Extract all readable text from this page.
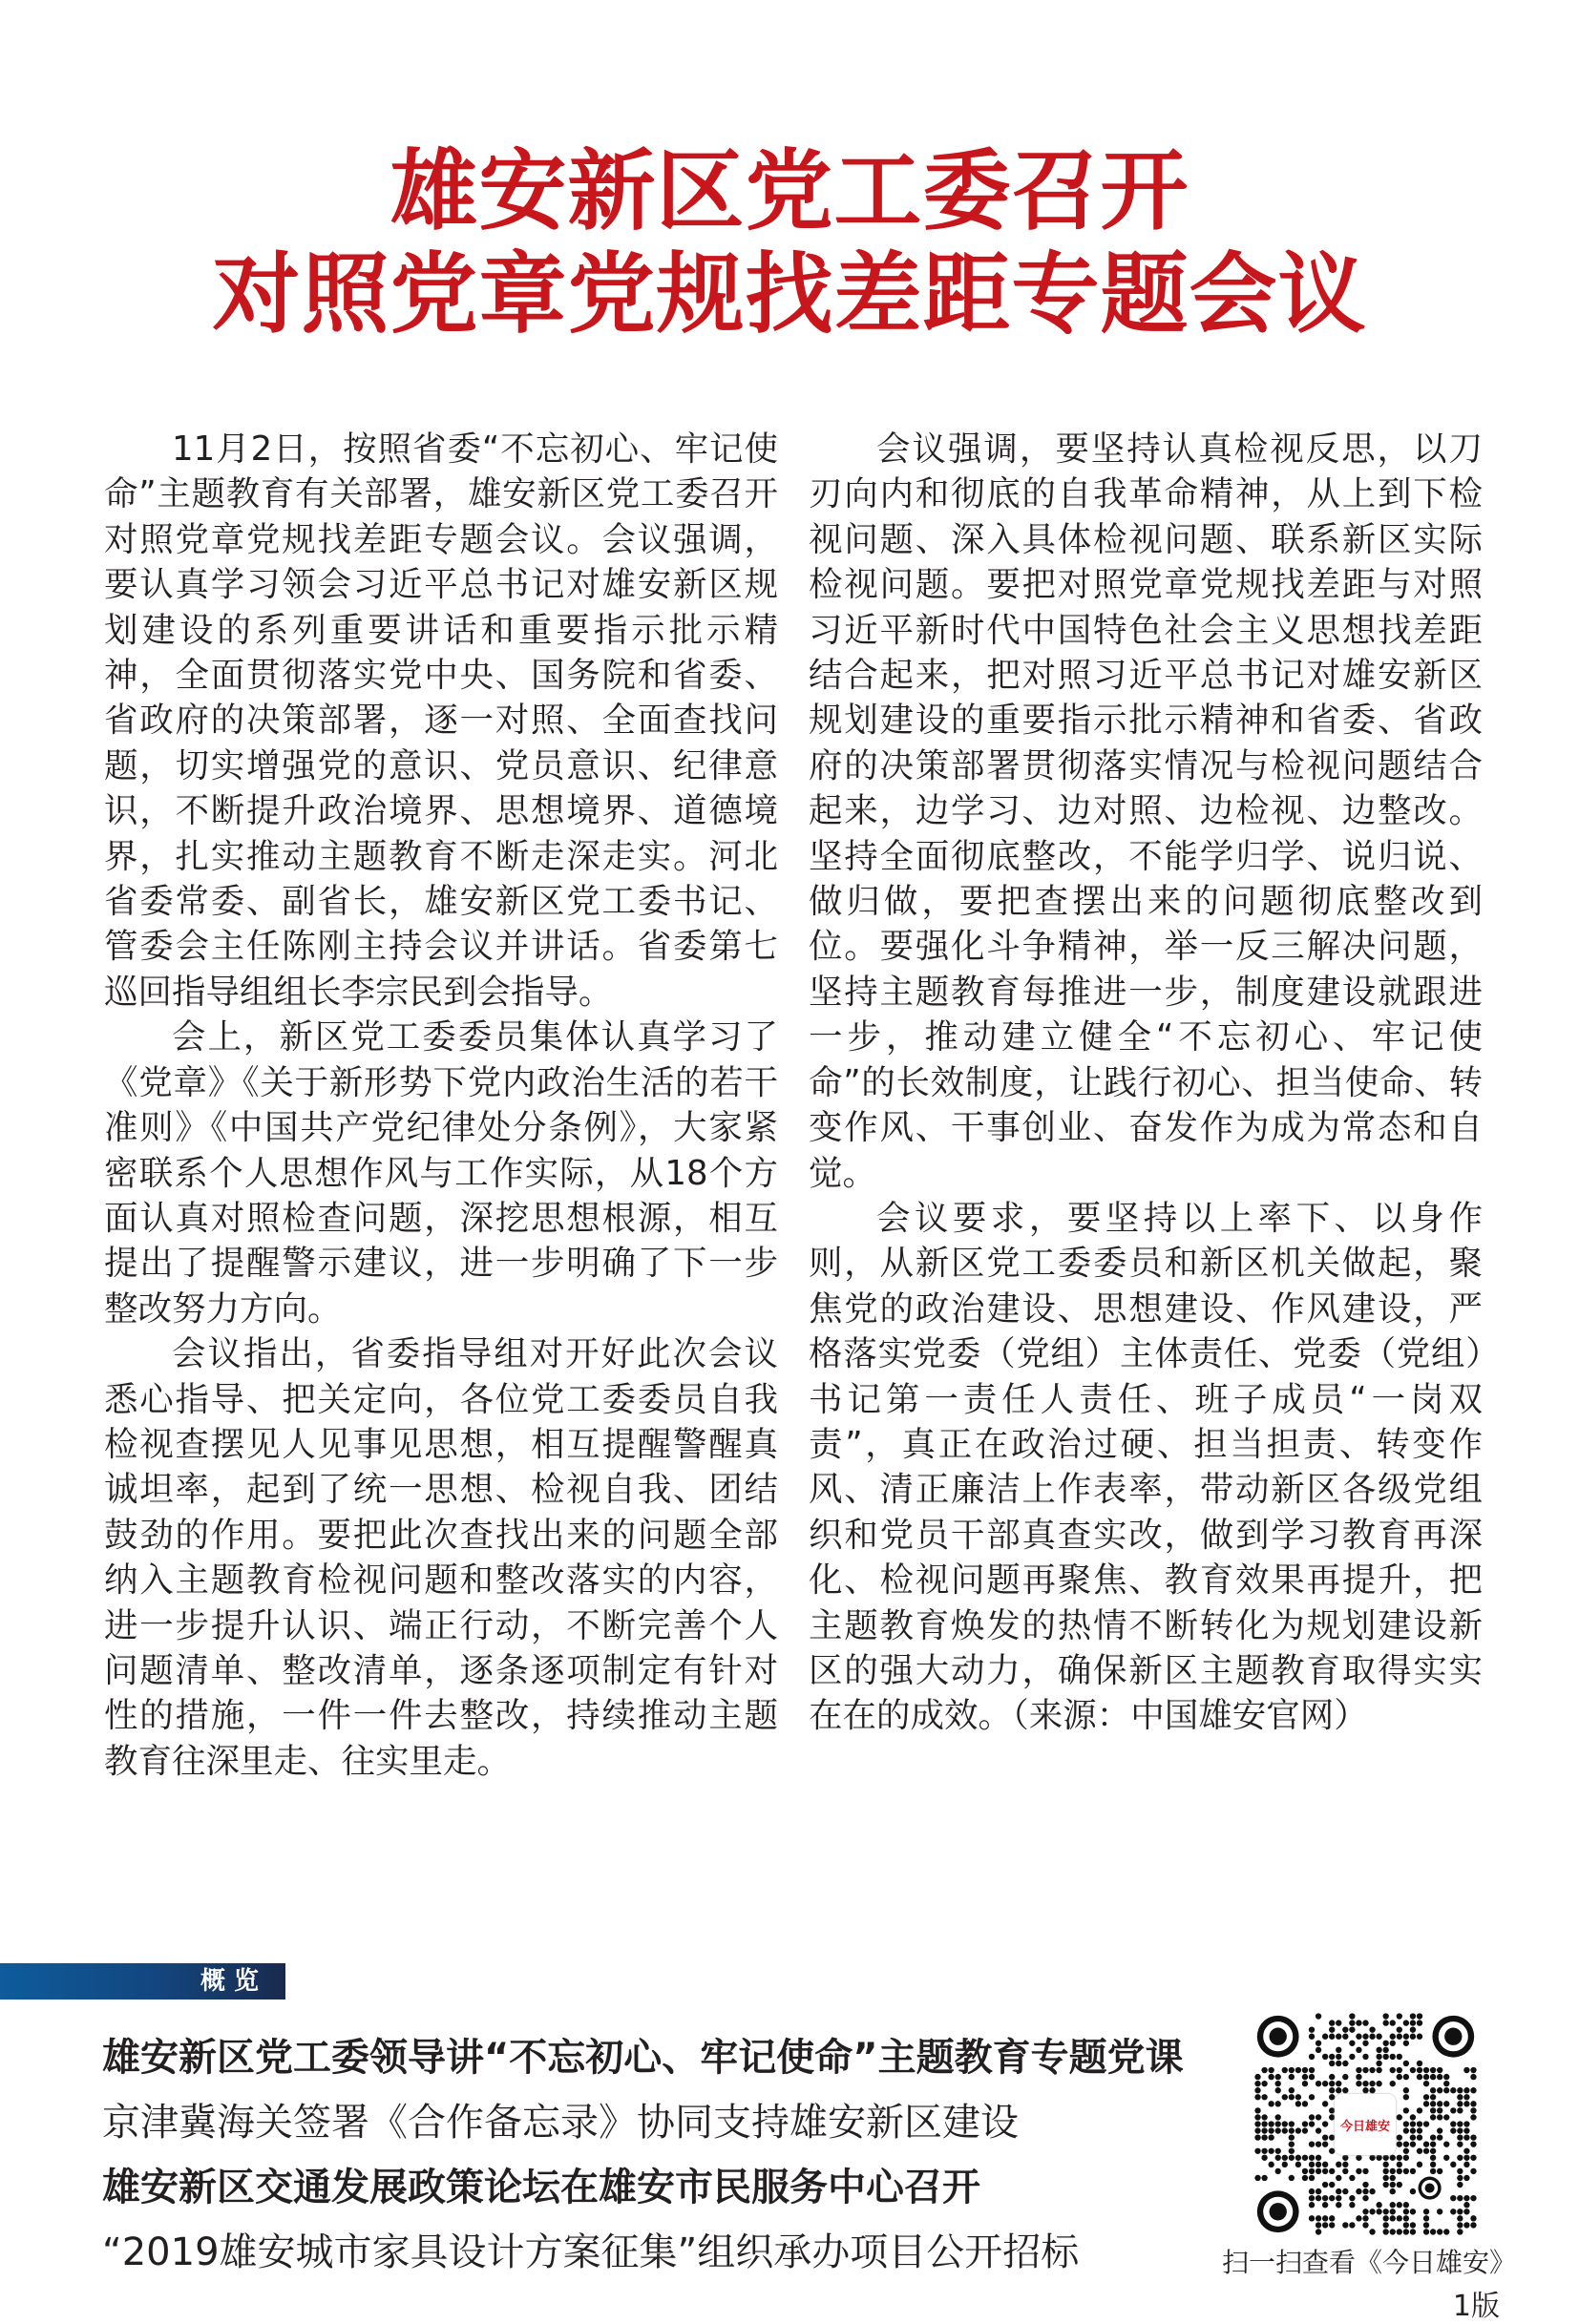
雄安新区党工委召开
对照党章党规找差距专题会议

11月2日，按照省委“不忘初心、牢记使命”主题教育有关部署，雄安新区党工委召开对照党章党规找差距专题会议。会议强调，要认真学习领会习近平总书记对雄安新区规划建设的系列重要讲话和重要指示批示精神，全面贯彻落实党中央、国务院和省委、省政府的决策部署，逐一对照、全面查找问题，切实增强党的意识、党员意识、纪律意识，不断提升政治境界、思想境界、道德境界，扎实推动主题教育不断走深走实。河北省委常委、副省长，雄安新区党工委书记、管委会主任陈刚主持会议并讲话。省委第七巡回指导组组长李宗民到会指导。

会上，新区党工委委员集体认真学习了《党章》《关于新形势下党内政治生活的若干准则》《中国共产党纪律处分条例》，大家紧密联系个人思想作风与工作实际，从18个方面认真对照检查问题，深挖思想根源，相互提出了提醒警示建议，进一步明确了下一步整改努力方向。

会议指出，省委指导组对开好此次会议悉心指导、把关定向，各位党工委委员自我检视查摆见人见事见思想，相互提醒警醒真诚坦率，起到了统一思想、检视自我、团结鼓劲的作用。要把此次查找出来的问题全部纳入主题教育检视问题和整改落实的内容，进一步提升认识、端正行动，不断完善个人问题清单、整改清单，逐条逐项制定有针对性的措施，一件一件去整改，持续推动主题教育往深里走、往实里走。

会议强调，要坚持认真检视反思，以刀刃向内和彻底的自我革命精神，从上到下检视问题、深入具体检视问题、联系新区实际检视问题。要把对照党章党规找差距与对照习近平新时代中国特色社会主义思想找差距结合起来，把对照习近平总书记对雄安新区规划建设的重要指示批示精神和省委、省政府的决策部署贯彻落实情况与检视问题结合起来，边学习、边对照、边检视、边整改。坚持全面彻底整改，不能学归学、说归说、做归做，要把查摆出来的问题彻底整改到位。要强化斗争精神，举一反三解决问题，坚持主题教育每推进一步，制度建设就跟进一步，推动建立健全“不忘初心、牢记使命”的长效制度，让践行初心、担当使命、转变作风、干事创业、奋发作为成为常态和自觉。

会议要求，要坚持以上率下、以身作则，从新区党工委委员和新区机关做起，聚焦党的政治建设、思想建设、作风建设，严格落实党委（党组）主体责任、党委（党组）书记第一责任人责任、班子成员“一岗双责”，真正在政治过硬、担当担责、转变作风、清正廉洁上作表率，带动新区各级党组织和党员干部真查实改，做到学习教育再深化、检视问题再聚焦、教育效果再提升，把主题教育焕发的热情不断转化为规划建设新区的强大动力，确保新区主题教育取得实实在在的成效。（来源：中国雄安官网）

概 览
雄安新区党工委领导讲“不忘初心、牢记使命”主题教育专题党课
京津冀海关签署《合作备忘录》协同支持雄安新区建设
雄安新区交通发展政策论坛在雄安市民服务中心召开
“2019雄安城市家具设计方案征集”组织承办项目公开招标
今日雄安
扫一扫查看《今日雄安》
1版
